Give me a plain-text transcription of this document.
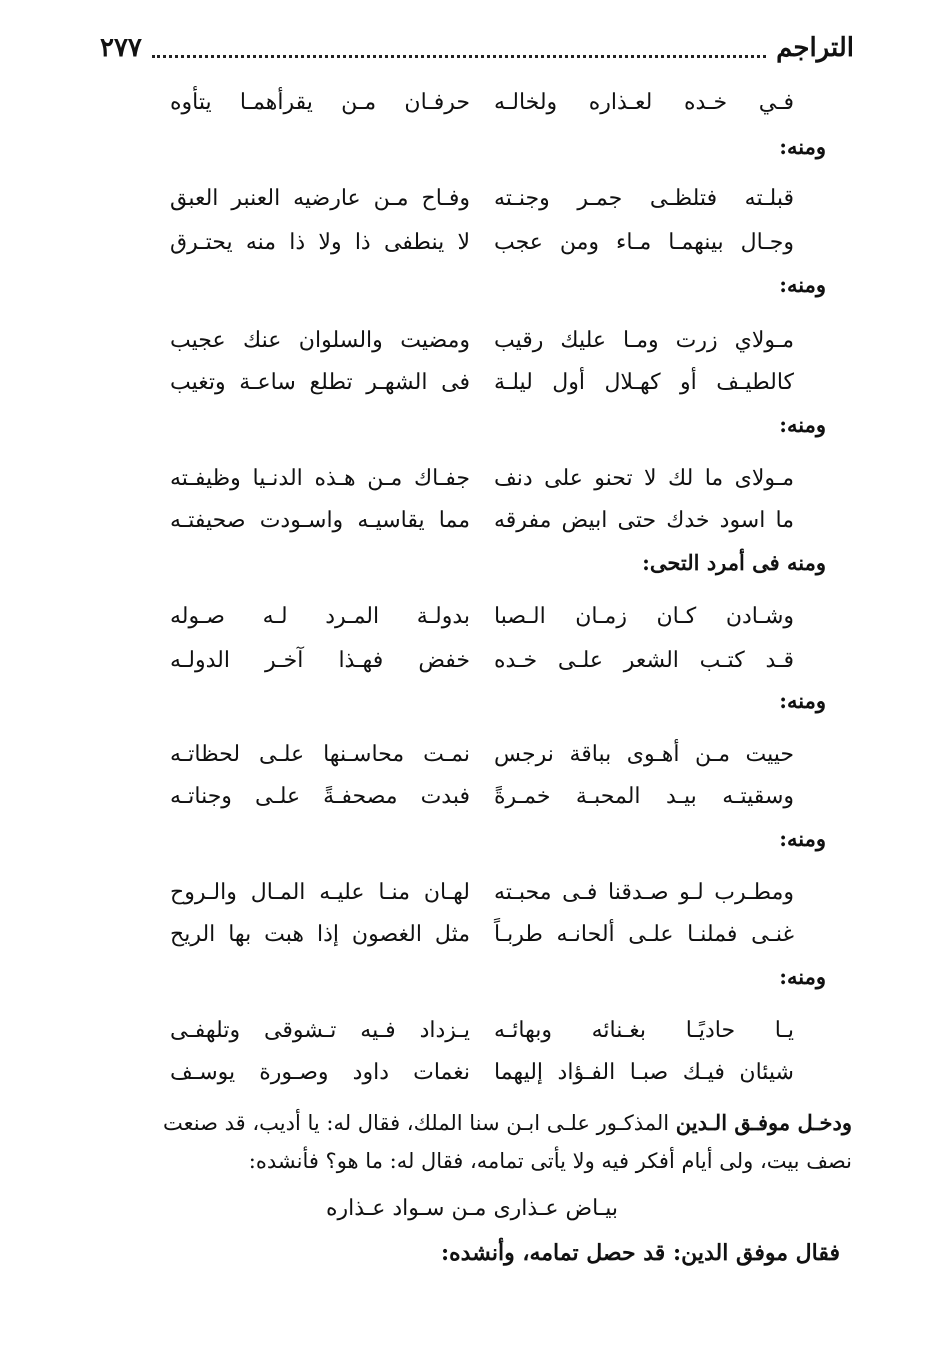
التراجم
٢٧٧
فـي خـده لعـذاره ولخالـه
حرفـان مـن يقرأهمـا يتأوه
ومنه:
قبلـته فتلظـى جمـر وجنـته
وفـاح مـن عارضيه العنبر العبق
وجـال بينهمـا مـاء ومن عجب
لا ينطفى ذا ولا ذا منه يحتـرق
ومنه:
مـولاي زرت ومـا عليك رقيب
ومضيت والسلوان عنك عجيب
كالطيـف أو كهـلال أول ليلـة
فى الشهـر تطلع ساعـة وتغيب
ومنه:
مـولاى ما لك لا تحنو على دنف
جفـاك مـن هـذه الدنـيا وظيفـته
ما اسود خدك حتى ابيض مفرقه
مما يقاسيـه واسـودت صحيفتـه
ومنه فى أمرد التحى:
وشـادن كـان زمـان الـصبا
بدولـة المـرد لـه صـوله
قـد كتـب الشعر علـى خـده
خفض فهـذا آخـر الدولـه
ومنه:
حييت مـن أهـوى بباقة نرجس
نمـت محاسـنها علـى لحظاتـه
وسقيتـه بيـد المحبـة خمـرةً
فبدت مصحفـةً علـى وجناتـه
ومنه:
ومطـرب لـو صـدقنا فـى محبـته
لهـان منـا عليـه المـال والـروح
غنـى فملنـا علـى ألحانـه طربـاً
مثل الغصون إذا هبت بها الريح
ومنه:
يـا حاديًـا بغـنائه وبهائـه
يـزداد فـيه تـشوقى وتلهفـى
شيئان فيـك صبـا الفـؤاد إليهما
نغمات داود وصـورة يوسـف
ودخـل موفـق الـدين المذكـور علـى ابـن سنا الملك، فقال له: يا أديب، قد صنعت
نصف بيت، ولى أيام أفكر فيه ولا يأتى تمامه، فقال له: ما هو؟ فأنشده:
بيـاض عـذارى مـن سـواد عـذاره
فقال موفق الدين: قد حصل تمامه، وأنشده:
